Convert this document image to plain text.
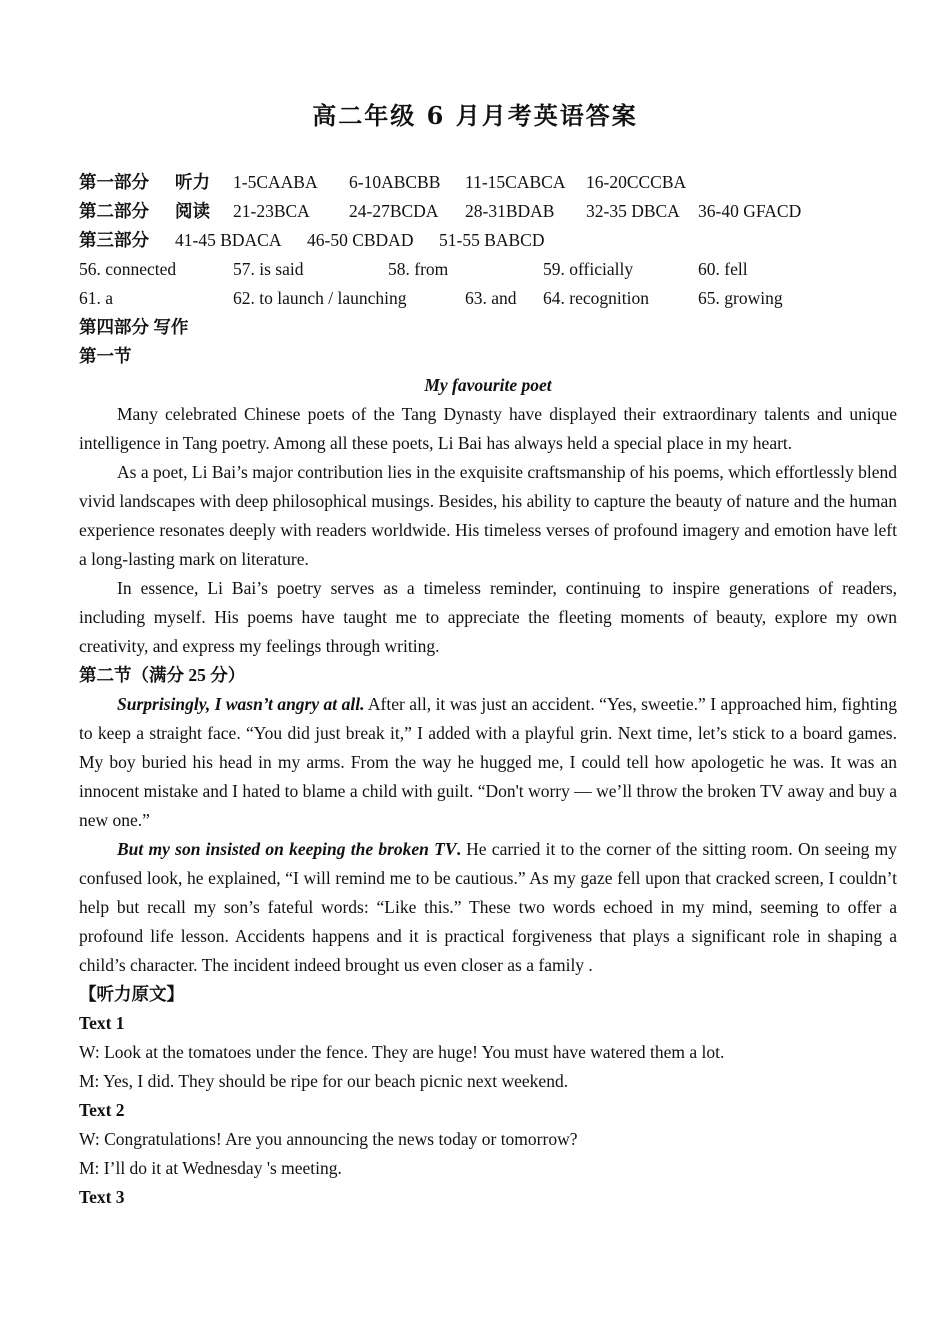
高二年级 6 月月考英语答案
第一部分 听力 1-5CAABA 6-10ABCBB 11-15CABCA 16-20CCCBA
第二部分 阅读 21-23BCA 24-27BCDA 28-31BDAB 32-35 DBCA 36-40 GFACD
第三部分 41-45 BDACA 46-50 CBDAD 51-55 BABCD
56. connected	57. is said	58. from	59. officially	60. fell
61. a	62. to launch / launching	63. and 64. recognition	65. growing
第四部分 写作
第一节
My favourite poet

Many celebrated Chinese poets of the Tang Dynasty have displayed their extraordinary talents and unique intelligence in Tang poetry. Among all these poets, Li Bai has always held a special place in my heart.

As a poet, Li Bai’s major contribution lies in the exquisite craftsmanship of his poems, which effortlessly blend vivid landscapes with deep philosophical musings. Besides, his ability to capture the beauty of nature and the human experience resonates deeply with readers worldwide. His timeless verses of profound imagery and emotion have left a long-lasting mark on literature.

In essence, Li Bai’s poetry serves as a timeless reminder, continuing to inspire generations of readers, including myself. His poems have taught me to appreciate the fleeting moments of beauty, explore my own creativity, and express my feelings through writing.

第二节（满分 25 分）

Surprisingly, I wasn’t angry at all. After all, it was just an accident. “Yes, sweetie.” I approached him, fighting to keep a straight face. “You did just break it,” I added with a playful grin. Next time, let’s stick to a board games. My boy buried his head in my arms. From the way he hugged me, I could tell how apologetic he was. It was an innocent mistake and I hated to blame a child with guilt. “Don't worry — we’ll throw the broken TV away and buy a new one.”

But my son insisted on keeping the broken TV. He carried it to the corner of the sitting room. On seeing my confused look, he explained, “I will remind me to be cautious.” As my gaze fell upon that cracked screen, I couldn’t help but recall my son’s fateful words: “Like this.” These two words echoed in my mind, seeming to offer a profound life lesson. Accidents happens and it is practical forgiveness that plays a significant role in shaping a child’s character. The incident indeed brought us even closer as a family .

【听力原文】
Text 1
W: Look at the tomatoes under the fence. They are huge! You must have watered them a lot.
M: Yes, I did. They should be ripe for our beach picnic next weekend.
Text 2
W: Congratulations! Are you announcing the news today or tomorrow?
M: I’ll do it at Wednesday 's meeting.
Text 3
